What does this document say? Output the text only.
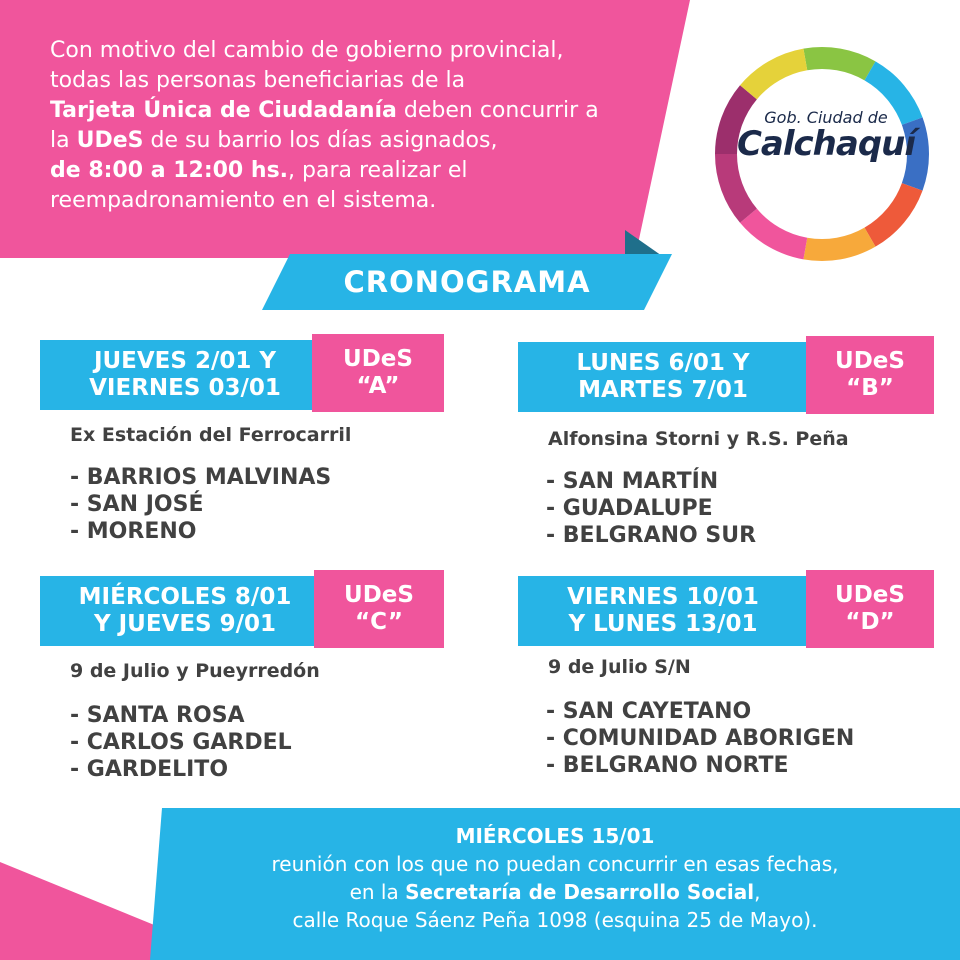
Con motivo del cambio de gobierno provincial,
todas las personas beneficiarias de la
Tarjeta Única de Ciudadanía deben concurrir a
la UDeS de su barrio los días asignados,
de 8:00 a 12:00 hs., para realizar el
reempadronamiento en el sistema.
Gob. Ciudad de
Calchaquí
CRONOGRAMA
JUEVES 2/01 Y
VIERNES 03/01
UDeS
“A”
Ex Estación del Ferrocarril

- BARRIOS MALVINAS

- SAN JOSÉ

- MORENO

LUNES 6/01 Y
MARTES 7/01
UDeS
“B”
Alfonsina Storni y R.S. Peña

- SAN MARTÍN

- GUADALUPE

- BELGRANO SUR

MIÉRCOLES 8/01
Y JUEVES 9/01
UDeS
“C”
9 de Julio y Pueyrredón

- SANTA ROSA

- CARLOS GARDEL

- GARDELITO

VIERNES 10/01
Y LUNES 13/01
UDeS
“D”
9 de Julio S/N

- SAN CAYETANO

- COMUNIDAD ABORIGEN

- BELGRANO NORTE

MIÉRCOLES 15/01
reunión con los que no puedan concurrir en esas fechas,
en la Secretaría de Desarrollo Social,
calle Roque Sáenz Peña 1098 (esquina 25 de Mayo).
